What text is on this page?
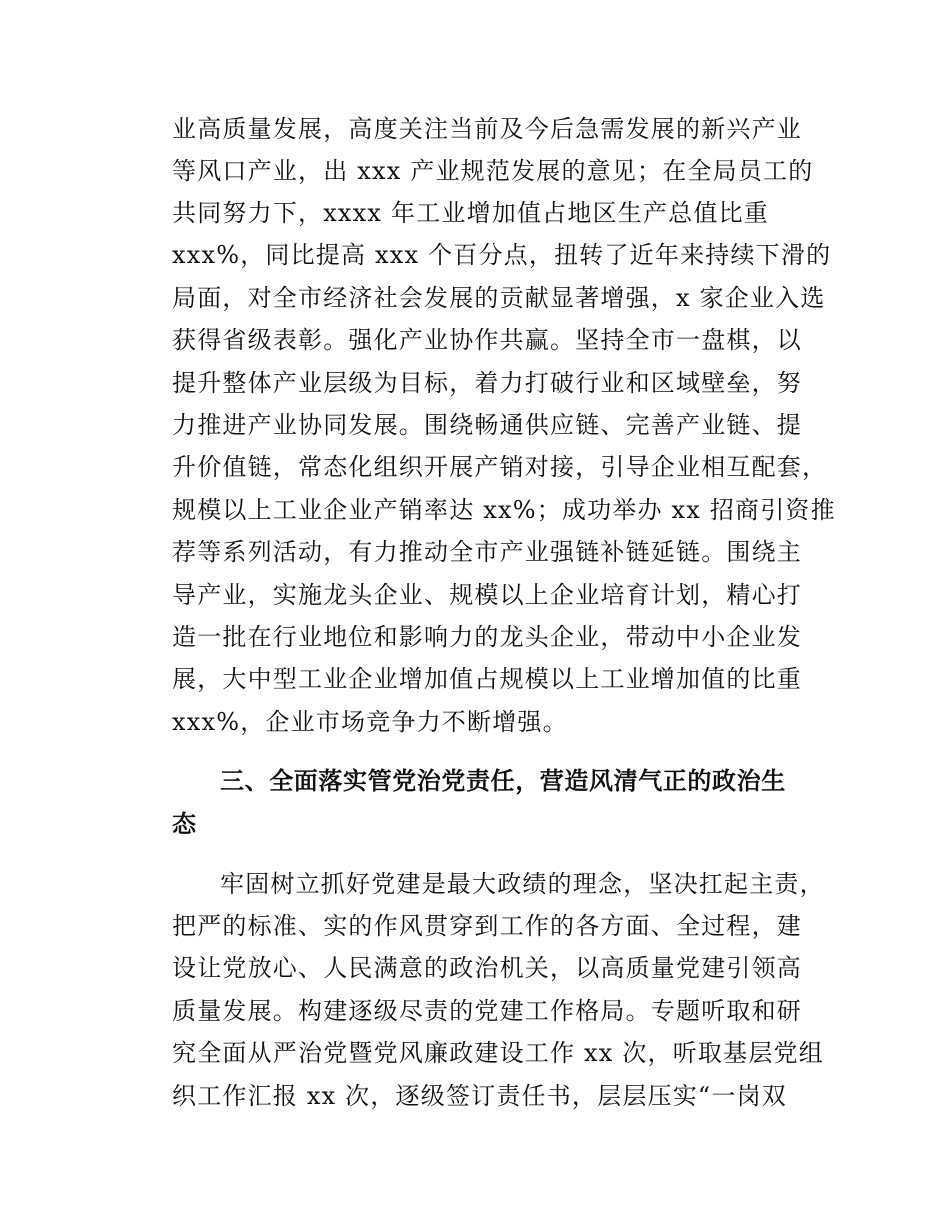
业高质量发展，高度关注当前及今后急需发展的新兴产业
等风口产业，出 xxx 产业规范发展的意见；在全局员工的
共同努力下，xxxx 年工业增加值占地区生产总值比重
xxx%，同比提高 xxx 个百分点，扭转了近年来持续下滑的
局面，对全市经济社会发展的贡献显著增强，x 家企业入选
获得省级表彰。强化产业协作共赢。坚持全市一盘棋，以
提升整体产业层级为目标，着力打破行业和区域壁垒，努
力推进产业协同发展。围绕畅通供应链、完善产业链、提
升价值链，常态化组织开展产销对接，引导企业相互配套，
规模以上工业企业产销率达 xx%；成功举办 xx 招商引资推
荐等系列活动，有力推动全市产业强链补链延链。围绕主
导产业，实施龙头企业、规模以上企业培育计划，精心打
造一批在行业地位和影响力的龙头企业，带动中小企业发
展，大中型工业企业增加值占规模以上工业增加值的比重
xxx%，企业市场竞争力不断增强。
三、全面落实管党治党责任，营造风清气正的政治生
态
牢固树立抓好党建是最大政绩的理念，坚决扛起主责，
把严的标准、实的作风贯穿到工作的各方面、全过程，建
设让党放心、人民满意的政治机关，以高质量党建引领高
质量发展。构建逐级尽责的党建工作格局。专题听取和研
究全面从严治党暨党风廉政建设工作 xx 次，听取基层党组
织工作汇报 xx 次，逐级签订责任书，层层压实“一岗双
